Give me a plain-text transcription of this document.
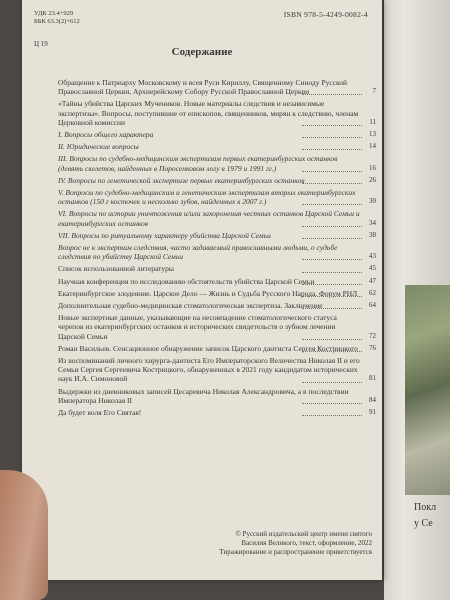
Покл
у Се
УДК 23.4+929
ББК 63.3(2)+612
ISBN 978-5-4249-0082-4
Ц 19
Содержание
Обращение к Патриарху Московскому и всея Руси Кириллу, Священному Синоду Русской Православной Церкви, Архиерейскому Собору Русской Православной Церкви	7
«Тайны убийства Царских Мучеников. Новые материалы следствия и независимые экспертизы». Вопросы, поступившие от епископов, священников, мирян к следствию, членам Церковной комиссии	11
I. Вопросы общего характера	13
II. Юридические вопросы	14
III. Вопросы по судебно-медицинским экспертизам первых екатеринбургских останков (девять скелетов, найденных в Поросенковом логу в 1979 и 1991 гг.)	16
IV. Вопросы по генетической экспертизе первых екатеринбургских останков	26
V. Вопросы по судебно-медицинским и генетическим экспертизам вторых екатеринбургских останков (150 г косточек и несколько зубов, найденных в 2007 г.)	30
VI. Вопросы по истории уничтожения и/или захоронения честных останков Царской Семьи и екатеринбургских останков	34
VII. Вопросы по ритуальному характеру убийства Царской Семьи	38
Вопрос не к экспертам следствия, часто задаваемый православными людьми, о судьбе следствия по убийству Царской Семьи	43
Список использованной литературы	45
Научная конференция по исследованию обстоятельств убийства Царской Семьи	47
Екатеринбургское злодеяние. Царское Дело — Жизнь и Судьба Русского Народа. Форум РНЛ	62
Дополнительная судебно-медицинская стоматологическая экспертиза. Заключение	64
Новые экспертные данные, указывающие на несовпадение стоматологического статуса черепов из екатеринбургских останков и исторических свидетельств о зубном лечении Царской Семьи	72
Роман Васильев. Сенсационное обнаружение записок Царского дантиста Сергея Кострицкого	76
Из воспоминаний личного хирурга-дантиста Его Императорского Величества Николая II и его Семьи Сергея Сергеевича Кострицкого, обнаруженных в 2021 году кандидатом исторических наук И.А. Симоновой	81
Выдержки из дневниковых записей Цесаревича Николая Александровича, а в последствии Императора Николая II	84
Да будет воля Его Святая!	91
© Русский издательский центр имени святого
Василия Великого, текст, оформление, 2022
Тиражирование и распространение приветствуется
